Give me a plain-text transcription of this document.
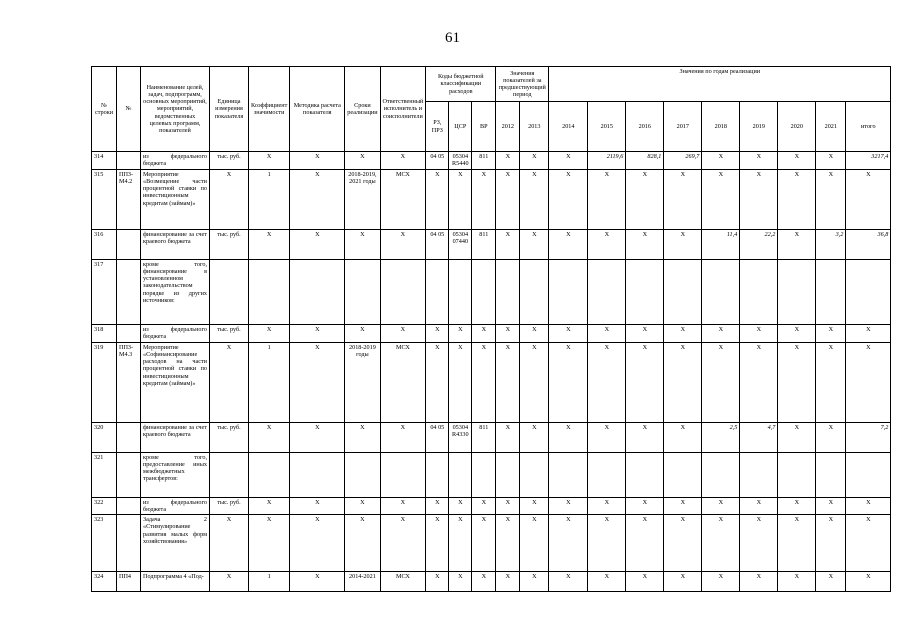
61
№ строки	№	Наименование целей, задач, подпрограмм, основных мероприятий, мероприятий, ведомственных целевых программ, показателей	Единица измерения показателя	Коэффициент значимости	Методика расчета показателя	Сроки реализации	Ответственный исполнитель и соисполнители	Коды бюджетной классификации расходов			Значения показателей за предшествующий период		Значения по годам реализации								
								РЗ, ПРЗ	ЦСР	ВР	2012	2013	2014	2015	2016	2017	2018	2019	2020	2021	итого
314		из федерального бюджета	тыс. руб.	X	X	X	X	04 05	05304 R5440	811	X	X	X	2119,6	828,1	269,7	X	X	X	X	3217,4
315	ППЗ-М4.2	Мероприятие «Возмещение части процентной ставки по инвестиционным кредитам (займам)»	X	1	X	2018-2019, 2021 годы	МСХ	X	X	X	X	X	X	X	X	X	X	X	X	X	X
316		финансирование за счет краевого бюджета	тыс. руб.	X	X	X	X	04 05	05304 07440	811	X	X	X	X	X	X	11,4	22,2	X	3,2	36,8
317		кроме того, финансирование в установленном законодательством порядке из других источников:																			
318		из федерального бюджета	тыс. руб.	X	X	X	X	X	X	X	X	X	X	X	X	X	X	X	X	X	X
319	ППЗ-М4.3	Мероприятие «Софинансирование расходов на части процентной ставки по инвестиционным кредитам (займам)»	X	1	X	2018-2019 годы	МСХ	X	X	X	X	X	X	X	X	X	X	X	X	X	X
320		финансирование за счет краевого бюджета	тыс. руб.	X	X	X	X	04 05	05304 R4330	811	X	X	X	X	X	X	2,5	4,7	X	X	7,2
321		кроме того, предоставление иных межбюджетных трансфертов:																			
322		из федерального бюджета	тыс. руб.	X	X	X	X	X	X	X	X	X	X	X	X	X	X	X	X	X	X
323		Задача 2 «Стимулирование развития малых форм хозяйствования»	X	X	X	X	X	X	X	X	X	X	X	X	X	X	X	X	X	X	X
324	ПП4	Подпрограмма 4 «Под-	X	1	X	2014-2021	МСХ	X	X	X	X	X	X	X	X	X	X	X	X	X	X
